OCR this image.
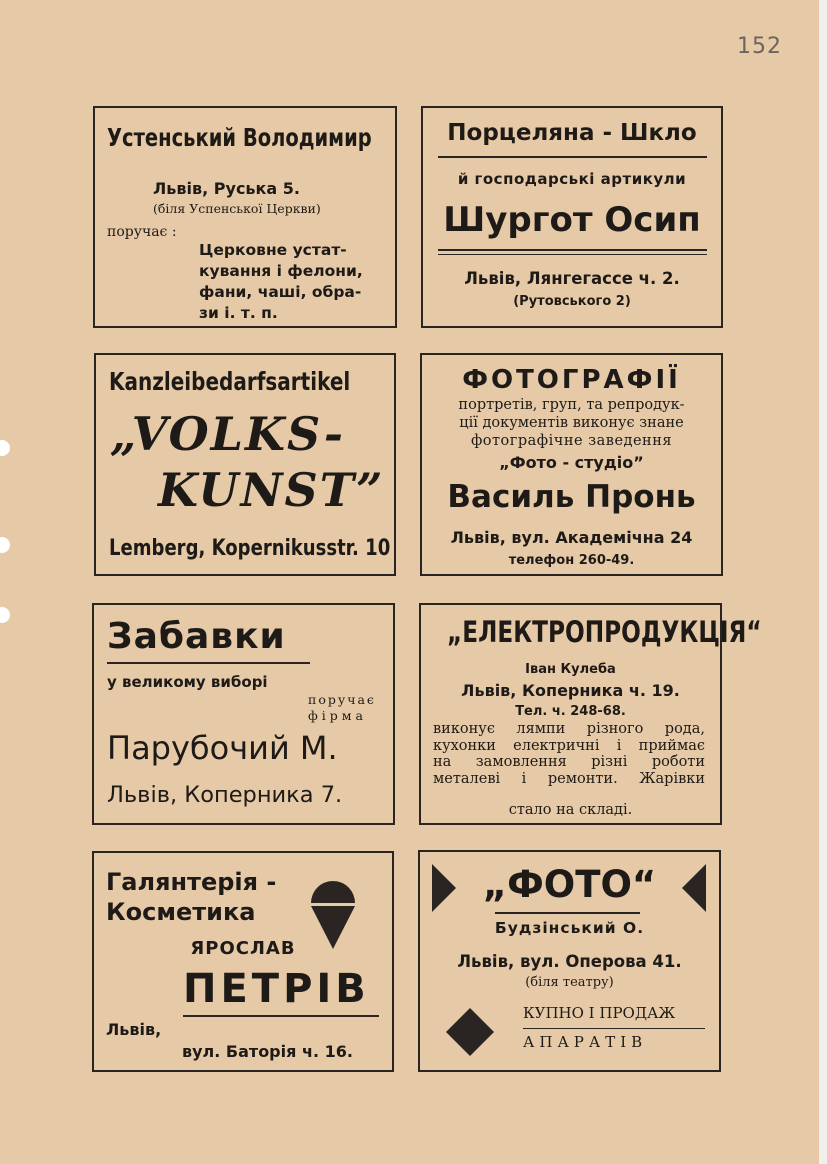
152
Устенський Володимир
Львів, Руська 5.
(біля Успенської Церкви)
поручає :
Церковне устат-
кування і фелони,
фани, чаші, обра-
зи і. т. п.
Порцеляна - Шкло
й господарські артикули
Шургот Осип
Львів, Лянгегассе ч. 2.
(Рутовського 2)
Kanzleibedarfsartikel
„VOLKS-
KUNST”
Lemberg, Kopernikusstr. 10
ФОТОГРАФІЇ
портретів, груп, та репродук-
ції документів виконує знане
фотографічне заведення
„Фото - студіо”
Василь Пронь
Львів, вул. Академічна 24
телефон 260-49.
Забавки
у великому виборі
поручає
фірма
Парубочий М.
Львів, Коперника 7.
„ЕЛЕКТРОПРОДУКЦІЯ“
Іван Кулеба
Львів, Коперника ч. 19.
Тел. ч. 248-68.
виконує лямпи різного рода,
кухонки електричні і приймає
на замовлення різні роботи
металеві і ремонти. Жарівки
стало на складі.
Галянтерія -
Косметика
ЯРОСЛАВ
ПЕТРІВ
Львів,
вул. Баторія ч. 16.
„ФОТО“
Будзінський О.
Львів, вул. Оперова 41.
(біля театру)
КУПНО І ПРОДАЖ
АПАРАТІВ
